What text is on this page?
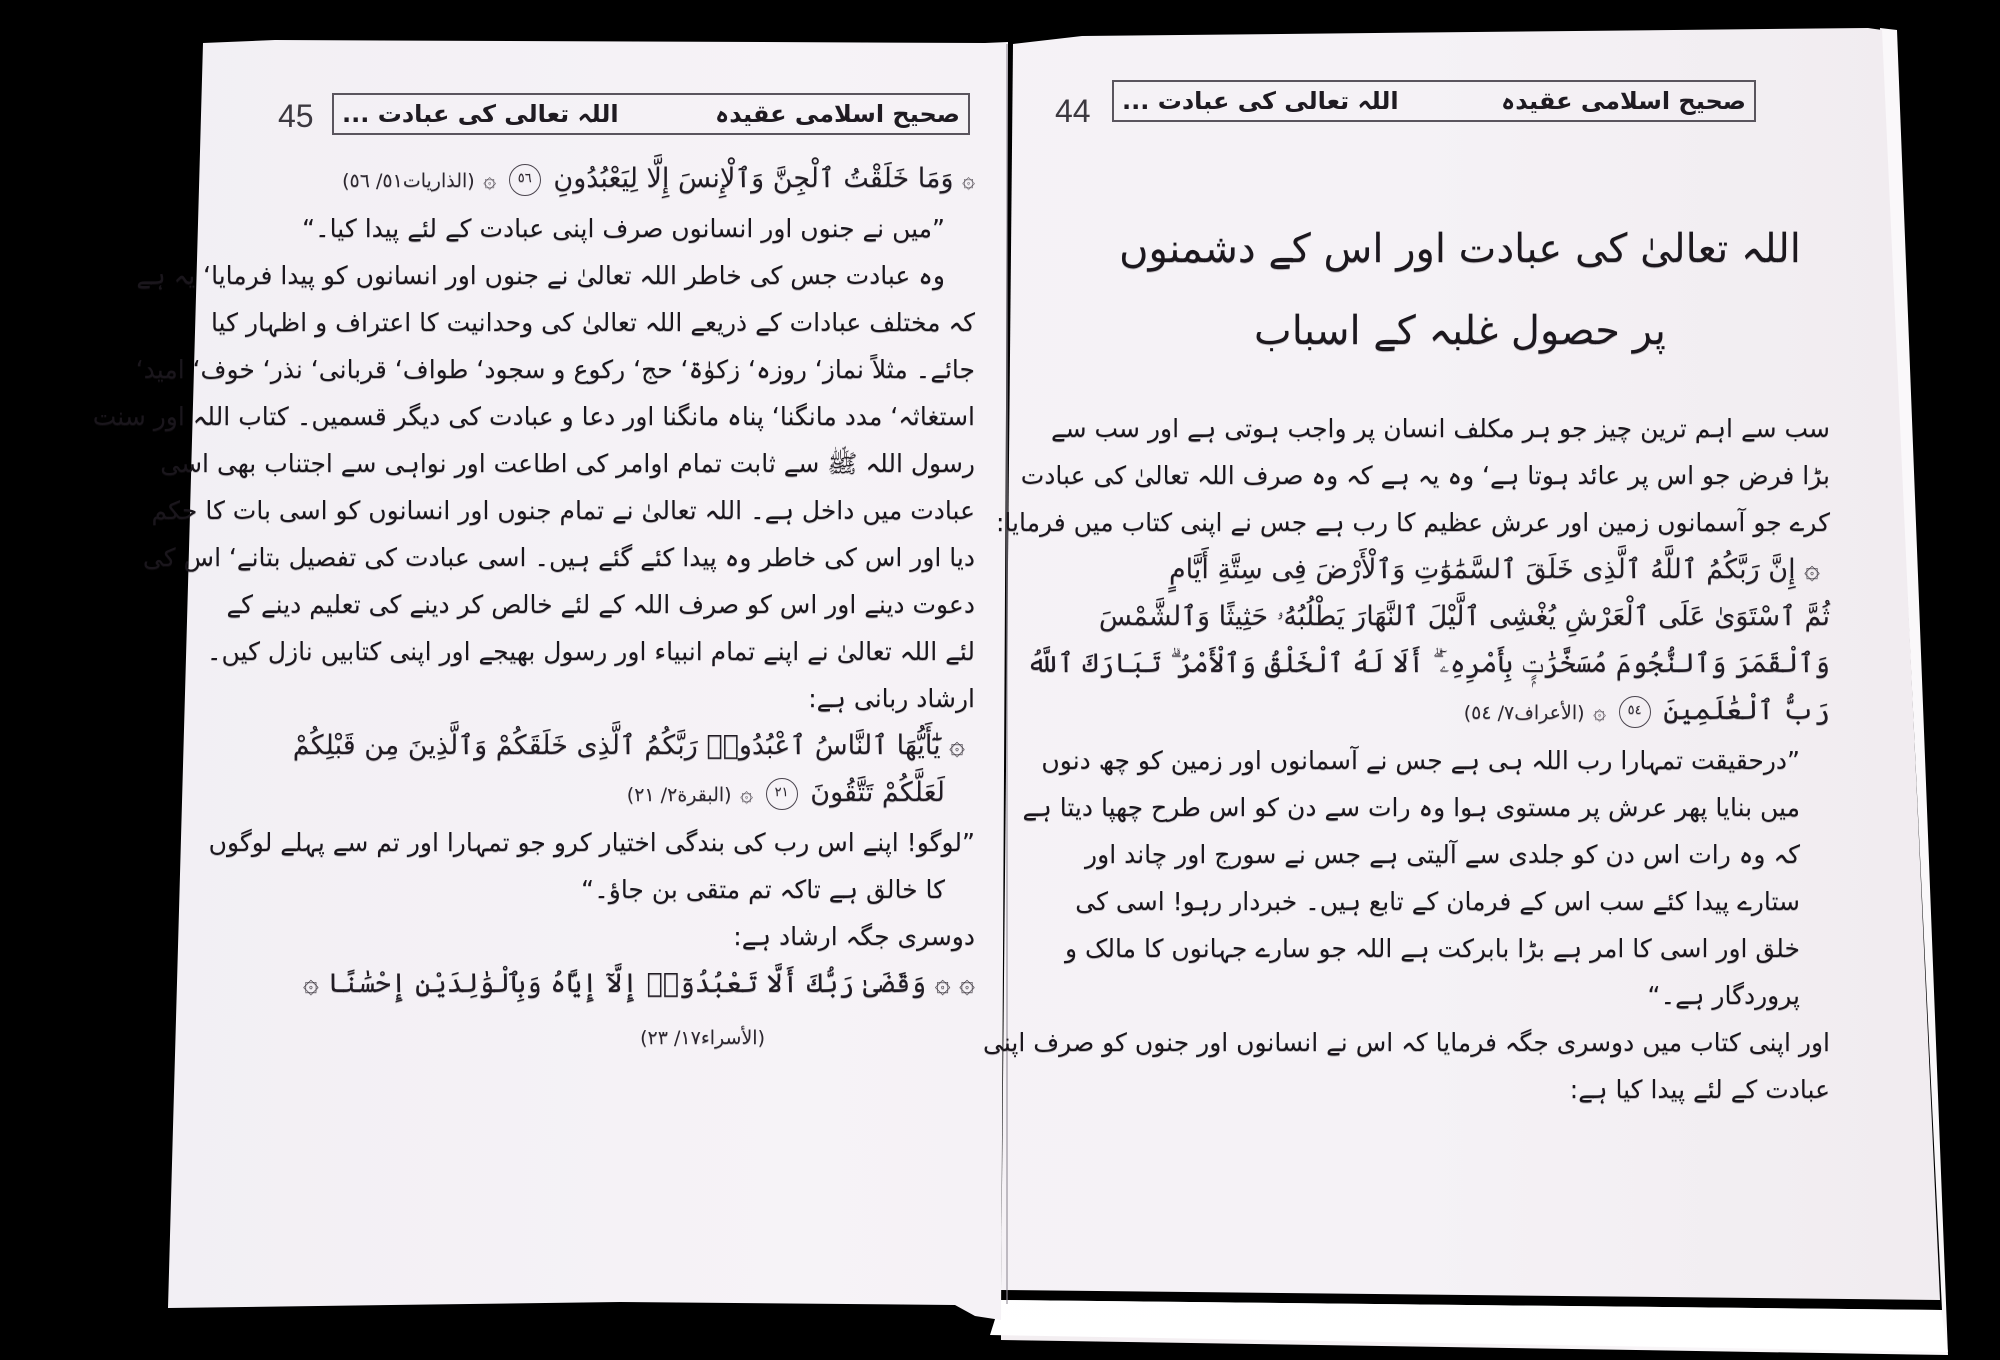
45	صحیح اسلامی عقیدہ
اللہ تعالی کی عبادت ...
۞ وَمَا خَلَقْتُ ٱلْجِنَّ وَٱلْإِنسَ إِلَّا لِيَعْبُدُونِ ٥٦ ۞ (الذاریات٥١/ ٥٦)
”میں نے جنوں اور انسانوں صرف اپنی عبادت کے لئے پیدا کیا۔“
وہ عبادت جس کی خاطر اللہ تعالیٰ نے جنوں اور انسانوں کو پیدا فرمایا‘ یہ ہے
کہ مختلف عبادات کے ذریعے اللہ تعالیٰ کی وحدانیت کا اعتراف و اظہار کیا
جائے۔ مثلاً نماز‘ روزہ‘ زکوٰۃ‘ حج‘ رکوع و سجود‘ طواف‘ قربانی‘ نذر‘ خوف‘ امید‘
استغاثہ‘ مدد مانگنا‘ پناہ مانگنا اور دعا و عبادت کی دیگر قسمیں۔ کتاب اللہ اور سنت
رسول اللہ ﷺ سے ثابت تمام اوامر کی اطاعت اور نواہی سے اجتناب بھی اسی
عبادت میں داخل ہے۔ اللہ تعالیٰ نے تمام جنوں اور انسانوں کو اسی بات کا حکم
دیا اور اس کی خاطر وہ پیدا کئے گئے ہیں۔ اسی عبادت کی تفصیل بتانے‘ اس کی
دعوت دینے اور اس کو صرف اللہ کے لئے خالص کر دینے کی تعلیم دینے کے
لئے اللہ تعالیٰ نے اپنے تمام انبیاء اور رسول بھیجے اور اپنی کتابیں نازل کیں۔
ارشاد ربانی ہے:
۞ يَٰٓأَيُّهَا ٱلنَّاسُ ٱعْبُدُوا۟ رَبَّكُمُ ٱلَّذِى خَلَقَكُمْ وَٱلَّذِينَ مِن قَبْلِكُمْ
لَعَلَّكُمْ تَتَّقُونَ ٢١ ۞ (البقرة٢/ ٢١)
”لوگو! اپنے اس رب کی بندگی اختیار کرو جو تمہارا اور تم سے پہلے لوگوں
کا خالق ہے تاکہ تم متقی بن جاؤ۔“
دوسری جگہ ارشاد ہے:
۞ ۞ وَقَضَىٰ رَبُّكَ أَلَّا تَعْبُدُوٓا۟ إِلَّآ إِيَّاهُ وَبِٱلْوَٰلِدَيْنِ إِحْسَٰنًا ۞
(الأسراء١٧/ ٢٣)
44	صحیح اسلامی عقیدہ
اللہ تعالی کی عبادت ...
اللہ تعالیٰ کی عبادت اور اس کے دشمنوں
پر حصول غلبہ کے اسباب
سب سے اہم ترین چیز جو ہر مکلف انسان پر واجب ہوتی ہے اور سب سے
بڑا فرض جو اس پر عائد ہوتا ہے‘ وہ یہ ہے کہ وہ صرف اللہ تعالیٰ کی عبادت
کرے جو آسمانوں زمین اور عرش عظیم کا رب ہے جس نے اپنی کتاب میں فرمایا:
۞ إِنَّ رَبَّكُمُ ٱللَّهُ ٱلَّذِى خَلَقَ ٱلسَّمَٰوَٰتِ وَٱلْأَرْضَ فِى سِتَّةِ أَيَّامٍ
ثُمَّ ٱسْتَوَىٰ عَلَى ٱلْعَرْشِ يُغْشِى ٱلَّيْلَ ٱلنَّهَارَ يَطْلُبُهُۥ حَثِيثًا وَٱلشَّمْسَ
وَٱلْقَمَرَ وَٱلنُّجُومَ مُسَخَّرَٰتٍۭ بِأَمْرِهِۦٓ ۗ أَلَا لَهُ ٱلْخَلْقُ وَٱلْأَمْرُ ۗ تَبَارَكَ ٱللَّهُ
رَبُّ ٱلْعَٰلَمِينَ ٥٤ ۞ (الأعراف٧/ ٥٤)
”درحقیقت تمہارا رب اللہ ہی ہے جس نے آسمانوں اور زمین کو چھ دنوں
میں بنایا پھر عرش پر مستوی ہوا وہ رات سے دن کو اس طرح چھپا دیتا ہے
کہ وہ رات اس دن کو جلدی سے آلیتی ہے جس نے سورج اور چاند اور
ستارے پیدا کئے سب اس کے فرمان کے تابع ہیں۔ خبردار رہو! اسی کی
خلق اور اسی کا امر ہے بڑا بابرکت ہے اللہ جو سارے جہانوں کا مالک و
پروردگار ہے۔“
اور اپنی کتاب میں دوسری جگہ فرمایا کہ اس نے انسانوں اور جنوں کو صرف اپنی
عبادت کے لئے پیدا کیا ہے:
